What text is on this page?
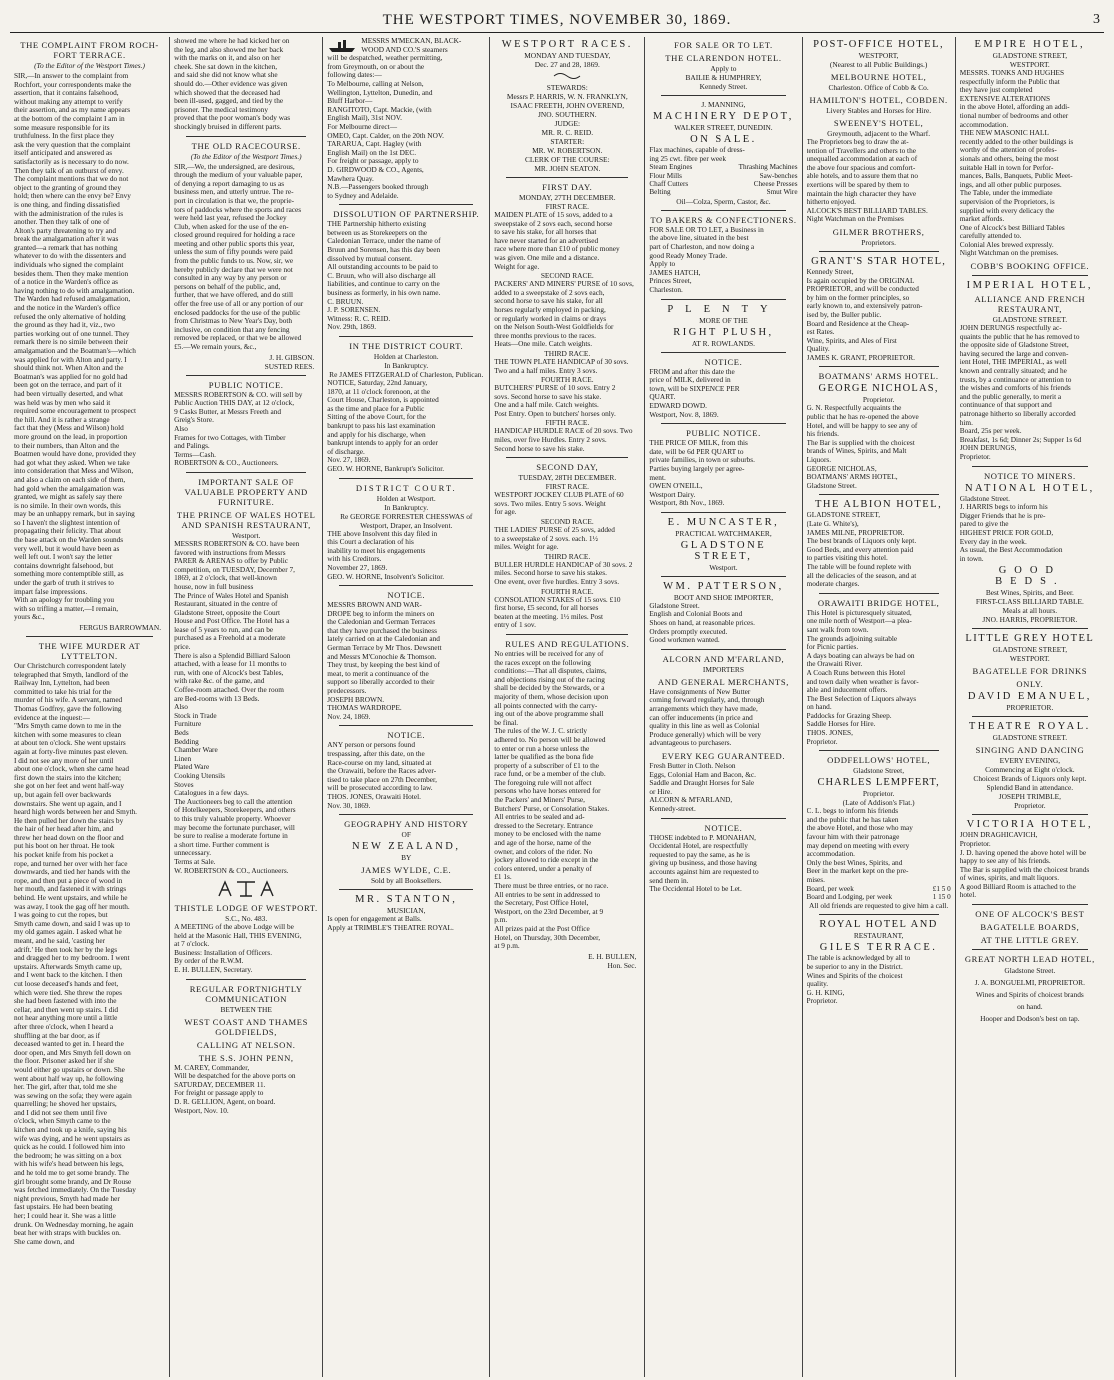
THE WESTPORT TIMES, NOVEMBER 30, 1869.	3
THE COMPLAINT FROM ROCH- FORT TERRACE.
(To the Editor of the Westport Times.)
SIR,—In answer to the complaint from
Rochfort, your correspondents make the
assertion, that it contains falsehood,
without making any attempt to verify
their assertion, and as my name appears
at the bottom of the complaint I am in
some measure responsible for its
truthfulness. In the first place they
ask the very question that the complaint
itself anticipated and answered as
satisfactorily as is necessary to do now.
Then they talk of an outburst of envy.
The complaint mentions that we do not
object to the granting of ground they
hold; then where can the envy be? Envy
is one thing, and finding dissatisfied
with the administration of the rules is
another. Then they talk of one of
Alton's party threatening to try and
break the amalgamation after it was
granted—a remark that has nothing
whatever to do with the dissenters and
individuals who signed the complaint
besides them. Then they make mention
of a notice in the Warden's office as
having nothing to do with amalgamation.
The Warden had refused amalgamation,
and the notice in the Warden's office
refused the only alternative of holding
the ground as they had it, viz., two
parties working out of one tunnel. They
remark there is no simile between their
amalgamation and the Boatman's—which
was applied for with Alton and party. I
should think not. When Alton and the
Boatman's was applied for no gold had
been got on the terrace, and part of it
had been virtually deserted, and what
was held was by men who said it
required some encouragement to prospect
the hill. And it is rather a strange
fact that they (Mess and Wilson) hold
more ground on the lead, in proportion
to their numbers, than Alton and the
Boatmen would have done, provided they
had got what they asked. When we take
into consideration that Mess and Wilson,
and also a claim on each side of them,
had gold when the amalgamation was
granted, we might as safely say there
is no simile. In their own words, this
may be an unhappy remark, but in saying
so I haven't the slightest intention of
propagating their felicity. That about
the base attack on the Warden sounds
very well, but it would have been as
well left out. I won't say the letter
contains downright falsehood, but
something more contemptible still, as
under the garb of truth it strives to
impart false impressions.
With an apology for troubling you
with so trifling a matter,—I remain,
yours &c.,
FERGUS BARROWMAN.
THE WIFE MURDER AT LYTTELTON.
Our Christchurch correspondent lately
telegraphed that Smyth, landlord of the
Railway Inn, Lyttelton, had been
committed to take his trial for the
murder of his wife. A servant, named
Thomas Godfrey, gave the following
evidence at the inquest:—
"Mrs Smyth came down to me in the
kitchen with some measures to clean
at about ten o'clock. She went upstairs
again at forty-five minutes past eleven.
I did not see any more of her until
about one o'clock, when she came head
first down the stairs into the kitchen;
she got on her feet and went half-way
up, but again fell over backwards
downstairs. She went up again, and I
heard high words between her and Smyth.
He then pulled her down the stairs by
the hair of her head after him, and
threw her head down on the floor and
put his boot on her throat. He took
his pocket knife from his pocket a
rope, and turned her over with her face
downwards, and tied her hands with the
rope, and then put a piece of wood in
her mouth, and fastened it with strings
behind. He went upstairs, and while he
was away, I took the gag off her mouth.
I was going to cut the ropes, but
Smyth came down, and said I was up to
my old games again. I asked what he
meant, and he said, 'casting her
adrift.' He then took her by the legs
and dragged her to my bedroom. I went
upstairs. Afterwards Smyth came up,
and I went back to the kitchen. I then
cut loose deceased's hands and feet,
which were tied. She threw the ropes
she had been fastened with into the
cellar, and then went up stairs. I did
not hear anything more until a little
after three o'clock, when I heard a
shuffling at the bar door, as if
deceased wanted to get in. I heard the
door open, and Mrs Smyth fell down on
the floor. Prisoner asked her if she
would either go upstairs or down. She
went about half way up, he following
her. The girl, after that, told me she
was sewing on the sofa; they were again
quarrelling; he shoved her upstairs,
and I did not see them until five
o'clock, when Smyth came to the
kitchen and took up a knife, saying his
wife was dying, and he went upstairs as
quick as he could. I followed him into
the bedroom; he was sitting on a box
with his wife's head between his legs,
and he told me to get some brandy. The
girl brought some brandy, and Dr Rouse
was fetched immediately. On the Tuesday
night previous, Smyth had made her
fast upstairs. He had been beating
her; I could hear it. She was a little
drunk. On Wednesday morning, he again
beat her with straps with buckles on.
She came down, and
showed me where he had kicked her on
the leg, and also showed me her back
with the marks on it, and also on her
cheek. She sat down in the kitchen,
and said she did not know what she
should do.—Other evidence was given
which showed that the deceased had
been ill-used, gagged, and tied by the
prisoner. The medical testimony
proved that the poor woman's body was
shockingly bruised in different parts.
THE OLD RACECOURSE.
(To the Editor of the Westport Times.)
SIR,—We, the undersigned, are desirous,
through the medium of your valuable paper,
of denying a report damaging to us as
business men, and utterly untrue. The re-
port in circulation is that we, the proprie-
tors of paddocks where the sports and races
were held last year, refused the Jockey
Club, when asked for the use of the en-
closed ground required for holding a race
meeting and other public sports this year,
unless the sum of fifty pounds were paid
from the public funds to us. Now, sir, we
hereby publicly declare that we were not
consulted in any way by any person or
persons on behalf of the public, and,
further, that we have offered, and do still
offer the free use of all or any portion of our
enclosed paddocks for the use of the public
from Christmas to New Year's Day, both
inclusive, on condition that any fencing
removed be replaced, or that we be allowed
£5.—We remain yours, &c.,
J. H. GIBSON.
SUSTED REES.
PUBLIC NOTICE.
MESSRS ROBERTSON & CO. will sell by
Public Auction THIS DAY, at 12 o'clock,
9 Casks Butter, at Messrs Freeth and
Greig's Store.
Also
Frames for two Cottages, with Timber
and Palings.
Terms—Cash.
ROBERTSON & CO., Auctioneers.
IMPORTANT SALE OF VALUABLE PROPERTY AND FURNITURE.
THE PRINCE OF WALES HOTEL AND SPANISH RESTAURANT,
Westport.
MESSRS ROBERTSON & CO. have been
favored with instructions from Messrs
PARER & ARENAS to offer by Public
competition, on TUESDAY, December 7,
1869, at 2 o'clock, that well-known
house, now in full business
The Prince of Wales Hotel and Spanish
Restaurant, situated in the centre of
Gladstone Street, opposite the Court
House and Post Office. The Hotel has a
lease of 5 years to run, and can be
purchased as a Freehold at a moderate
price.
There is also a Splendid Billiard Saloon
attached, with a lease for 11 months to
run, with one of Alcock's best Tables,
with rake &c. of the game, and
Coffee-room attached. Over the room
are Bed-rooms with 13 Beds.
Also
Stock in Trade
Furniture
Beds
Bedding
Chamber Ware
Linen
Plated Ware
Cooking Utensils
Stoves
Catalogues in a few days.
The Auctioneers beg to call the attention
of Hotelkeepers, Storekeepers, and others
to this truly valuable property. Whoever
may become the fortunate purchaser, will
be sure to realise a moderate fortune in
a short time. Further comment is
unnecessary.
Terms at Sale.
W. ROBERTSON & CO., Auctioneers.
THISTLE LODGE OF WESTPORT.
S.C., No. 483.
A MEETING of the above Lodge will be
held at the Masonic Hall, THIS EVENING,
at 7 o'clock.
Business: Installation of Officers.
By order of the R.W.M.
E. H. BULLEN, Secretary.
REGULAR FORTNIGHTLY COMMUNICATION
BETWEEN THE
WEST COAST AND THAMES GOLDFIELDS,
CALLING AT NELSON.
THE S.S. JOHN PENN,
M. CAREY, Commander,
Will be despatched for the above ports on
SATURDAY, DECEMBER 11.
For freight or passage apply to
D. R. GELLION, Agent, on board.
Westport, Nov. 10.
MESSRS M'MECKAN, BLACK-
WOOD AND CO.'S steamers
will be despatched, weather permitting,
from Greymouth, on or about the
following dates:—
To Melbourne, calling at Nelson,
Wellington, Lyttelton, Dunedin, and
Bluff Harbor—
RANGITOTO, Capt. Mackie, (with
English Mail), 31st NOV.
For Melbourne direct—
OMEO, Capt. Calder, on the 20th NOV.
TARARUA, Capt. Hagley (with
English Mail) on the 1st DEC.
For freight or passage, apply to
D. GIRDWOOD & CO., Agents,
Mawhera Quay.
N.B.—Passengers booked through
to Sydney and Adelaide.
DISSOLUTION OF PARTNERSHIP.
THE Partnership hitherto existing
between us as Storekeepers on the
Caledonian Terrace, under the name of
Bruun and Sorensen, has this day been
dissolved by mutual consent.
All outstanding accounts to be paid to
C. Bruun, who will also discharge all
liabilities, and continue to carry on the
business as formerly, in his own name.
C. BRUUN.
J. P. SORENSEN.
Witness: R. C. REID.
Nov. 29th, 1869.
IN THE DISTRICT COURT.
Holden at Charleston.
In Bankruptcy.
Re JAMES FITZGERALD of Charleston, Publican.
NOTICE, Saturday, 22nd January,
1870, at 11 o'clock forenoon, at the
Court House, Charleston, is appointed
as the time and place for a Public
Sitting of the above Court, for the
bankrupt to pass his last examination
and apply for his discharge, when
bankrupt intends to apply for an order
of discharge.
Nov. 27, 1869.
GEO. W. HORNE, Bankrupt's Solicitor.
DISTRICT COURT.
Holden at Westport.
In Bankruptcy.
Re GEORGE FORRESTER CHESSWAS of Westport, Draper, an Insolvent.
THE above Insolvent this day filed in
this Court a declaration of his
inability to meet his engagements
with his Creditors.
November 27, 1869.
GEO. W. HORNE, Insolvent's Solicitor.
NOTICE.
MESSRS BROWN AND WAR-
DROPE beg to inform the miners on
the Caledonian and German Terraces
that they have purchased the business
lately carried on at the Caledonian and
German Terrace by Mr Thos. Dewsnett
and Messrs M'Conochie & Thomson.
They trust, by keeping the best kind of
meat, to merit a continuance of the
support so liberally accorded to their
predecessors.
JOSEPH BROWN.
THOMAS WARDROPE.
Nov. 24, 1869.
NOTICE.
ANY person or persons found
trespassing, after this date, on the
Race-course on my land, situated at
the Orawaiti, before the Races adver-
tised to take place on 27th December,
will be prosecuted according to law.
THOS. JONES, Orawaiti Hotel.
Nov. 30, 1869.
GEOGRAPHY AND HISTORY
OF
NEW ZEALAND,
BY
JAMES WYLDE, C.E.
Sold by all Booksellers.
MR. STANTON,
MUSICIAN,
Is open for engagement at Balls.
Apply at TRIMBLE'S THEATRE ROYAL.
WESTPORT RACES.
MONDAY AND TUESDAY,
Dec. 27 and 28, 1869.
STEWARDS:
Messrs P. HARRIS, W. N. FRANKLYN,
ISAAC FREETH, JOHN OVEREND,
JNO. SOUTHERN.
JUDGE:
MR. R. C. REID.
STARTER:
MR. W. ROBERTSON.
CLERK OF THE COURSE:
MR. JOHN SEATON.
FIRST DAY.
MONDAY, 27TH DECEMBER.
FIRST RACE.
MAIDEN PLATE of 15 sovs, added to a
sweepstake of 2 sovs each, second horse
to save his stake, for all horses that
have never started for an advertised
race where more than £10 of public money
was given. One mile and a distance.
Weight for age.
SECOND RACE.
PACKERS' AND MINERS' PURSE of 10 sovs,
added to a sweepstake of 2 sovs each,
second horse to save his stake, for all
horses regularly employed in packing,
or regularly worked in claims or drays
on the Nelson South-West Goldfields for
three months previous to the races.
Heats—One mile. Catch weights.
THIRD RACE.
THE TOWN PLATE HANDICAP of 30 sovs.
Two and a half miles. Entry 3 sovs.
FOURTH RACE.
BUTCHERS' PURSE of 10 sovs. Entry 2
sovs. Second horse to save his stake.
One and a half mile. Catch weights.
Post Entry. Open to butchers' horses only.
FIFTH RACE.
HANDICAP HURDLE RACE of 20 sovs. Two
miles, over five Hurdles. Entry 2 sovs.
Second horse to save his stake.
SECOND DAY,
TUESDAY, 28TH DECEMBER.
FIRST RACE.
WESTPORT JOCKEY CLUB PLATE of 60
sovs. Two miles. Entry 5 sovs. Weight
for age.
SECOND RACE.
THE LADIES' PURSE of 25 sovs, added
to a sweepstake of 2 sovs. each. 1½
miles. Weight for age.
THIRD RACE.
BULLER HURDLE HANDICAP of 30 sovs. 2
miles. Second horse to save his stakes.
One event, over five hurdles. Entry 3 sovs.
FOURTH RACE.
CONSOLATION STAKES of 15 sovs. £10
first horse, £5 second, for all horses
beaten at the meeting. 1½ miles. Post
entry of 1 sov.
RULES AND REGULATIONS.
No entries will be received for any of
the races except on the following
conditions:—That all disputes, claims,
and objections rising out of the racing
shall be decided by the Stewards, or a
majority of them, whose decision upon
all points connected with the carry-
ing out of the above programme shall
be final.
The rules of the W. J. C. strictly
adhered to. No person will be allowed
to enter or run a horse unless the
latter be qualified as the bona fide
property of a subscriber of £1 to the
race fund, or be a member of the club.
The foregoing rule will not affect
persons who have horses entered for
the Packers' and Miners' Purse,
Butchers' Purse, or Consolation Stakes.
All entries to be sealed and ad-
dressed to the Secretary. Entrance
money to be enclosed with the name
and age of the horse, name of the
owner, and colors of the rider. No
jockey allowed to ride except in the
colors entered, under a penalty of
£1 1s.
There must be three entries, or no race.
All entries to be sent in addressed to
the Secretary, Post Office Hotel,
Westport, on the 23rd December, at 9
p.m.
All prizes paid at the Post Office
Hotel, on Thursday, 30th December,
at 9 p.m.
E. H. BULLEN,
Hon. Sec.
FOR SALE OR TO LET.
THE CLARENDON HOTEL.
Apply to
BAILIE & HUMPHREY,
Kennedy Street.
J. MANNING,
MACHINERY DEPOT,
WALKER STREET, DUNEDIN.
ON SALE.
Flax machines, capable of dress-
ing 25 cwt. fibre per week
Steam Engines	Thrashing Machines
Flour Mills	Saw-benches
Chaff Cutters	Cheese Presses
Belting	Smut Wire
Oil—Colza, Sperm, Castor, &c.
TO BAKERS & CONFECTIONERS.
FOR SALE OR TO LET, a Business in
the above line, situated in the best
part of Charleston, and now doing a
good Ready Money Trade.
Apply to
JAMES HATCH,
Princes Street,
Charleston.
PLENTY
MORE OF THE
RIGHT PLUSH,
AT R. ROWLANDS.
NOTICE.
FROM and after this date the
price of MILK, delivered in
town, will be SIXPENCE PER
QUART.
EDWARD DOWD.
Westport, Nov. 8, 1869.
PUBLIC NOTICE.
THE PRICE OF MILK, from this
date, will be 6d PER QUART to
private families, in town or suburbs.
Parties buying largely per agree-
ment.
OWEN O'NEILL,
Westport Dairy.
Westport, 8th Nov., 1869.
E. MUNCASTER,
PRACTICAL WATCHMAKER,
GLADSTONE STREET,
Westport.
WM. PATTERSON,
BOOT AND SHOE IMPORTER,
Gladstone Street.
English and Colonial Boots and
Shoes on hand, at reasonable prices.
Orders promptly executed.
Good workmen wanted.
ALCORN AND M'FARLAND,
IMPORTERS
AND GENERAL MERCHANTS,
Have consignments of New Butter
coming forward regularly, and, through
arrangements which they have made,
can offer inducements (in price and
quality in this line as well as Colonial
Produce generally) which will be very
advantageous to purchasers.
EVERY KEG GUARANTEED.
Fresh Butter in Cloth. Nelson
Eggs, Colonial Ham and Bacon, &c.
Saddle and Draught Horses for Sale
or Hire.
ALCORN & M'FARLAND,
Kennedy-street.
NOTICE.
THOSE indebted to P. MONAHAN,
Occidental Hotel, are respectfully
requested to pay the same, as he is
giving up business, and those having
accounts against him are requested to
send them in.
The Occidental Hotel to be Let.
POST-OFFICE HOTEL,
WESTPORT,
(Nearest to all Public Buildings.)
MELBOURNE HOTEL,
Charleston. Office of Cobb & Co.
HAMILTON'S HOTEL, COBDEN.
Livery Stables and Horses for Hire.
SWEENEY'S HOTEL,
Greymouth, adjacent to the Wharf.
The Proprietors beg to draw the at-
tention of Travellers and others to the
unequalled accommodation at each of
the above four spacious and comfort-
able hotels, and to assure them that no
exertions will be spared by them to
maintain the high character they have
hitherto enjoyed.
ALCOCK'S BEST BILLIARD TABLES.
Night Watchman on the Premises
GILMER BROTHERS,
Proprietors.
GRANT'S STAR HOTEL,
Kennedy Street,
Is again occupied by the ORIGINAL
PROPRIETOR, and will be conducted
by him on the former principles, so
early known to, and extensively patron-
ised by, the Buller public.
Board and Residence at the Cheap-
est Rates.
Wine, Spirits, and Ales of First
Quality.
JAMES K. GRANT, PROPRIETOR.
BOATMANS' ARMS HOTEL.
GEORGE NICHOLAS,
Proprietor.
G. N. Respectfully acquaints the
public that he has re-opened the above
Hotel, and will be happy to see any of
his friends.
The Bar is supplied with the choicest
brands of Wines, Spirits, and Malt
Liquors.
GEORGE NICHOLAS,
BOATMANS' ARMS HOTEL,
Gladstone Street.
THE ALBION HOTEL,
GLADSTONE STREET,
(Late G. White's),
JAMES MILNE, PROPRIETOR.
The best brands of Liquors only kept.
Good Beds, and every attention paid
to parties visiting this hotel.
The table will be found replete with
all the delicacies of the season, and at
moderate charges.
ORAWAITI BRIDGE HOTEL,
This Hotel is picturesquely situated,
one mile north of Westport—a plea-
sant walk from town.
The grounds adjoining suitable
for Picnic parties.
A days boating can always be had on
the Orawaiti River.
A Coach Runs between this Hotel
and town daily when weather is favor-
able and inducement offers.
The Best Selection of Liquors always
on hand.
Paddocks for Grazing Sheep.
Saddle Horses for Hire.
THOS. JONES,
Proprietor.
ODDFELLOWS' HOTEL,
Gladstone Street,
CHARLES LEMPFERT,
Proprietor.
(Late of Addison's Flat.)
C. L. begs to inform his friends
and the public that he has taken
the above Hotel, and those who may
favour him with their patronage
may depend on meeting with every
accommodation.
Only the best Wines, Spirits, and
Beer in the market kept on the pre-
mises.
Board, per week	£1 5 0
Board and Lodging, per week	1 15 0
All old friends are requested to give him a call.
ROYAL HOTEL AND
RESTAURANT,
GILES TERRACE.
The table is acknowledged by all to
be superior to any in the District.
Wines and Spirits of the choicest
quality.
G. H. KING,
Proprietor.
EMPIRE HOTEL,
GLADSTONE STREET,
WESTPORT.
MESSRS. TONKS AND HUGHES
respectfully inform the Public that
they have just completed
EXTENSIVE ALTERATIONS
in the above Hotel, affording an addi-
tional number of bedrooms and other
accommodation.
THE NEW MASONIC HALL
recently added to the other buildings is
worthy of the attention of profes-
sionals and others, being the most
suitable Hall in town for Perfor-
mances, Balls, Banquets, Public Meet-
ings, and all other public purposes.
The Table, under the immediate
supervision of the Proprietors, is
supplied with every delicacy the
market affords.
One of Alcock's best Billiard Tables
carefully attended to.
Colonial Ales brewed expressly.
Night Watchman on the premises.
COBB'S BOOKING OFFICE.
IMPERIAL HOTEL,
ALLIANCE AND FRENCH RESTAURANT,
GLADSTONE STREET.
JOHN DERUNGS respectfully ac-
quaints the public that he has removed to
the opposite side of Gladstone Street,
having secured the large and conven-
ient Hotel, THE IMPERIAL, as well
known and centrally situated; and he
trusts, by a continuance or attention to
the wishes and comforts of his friends
and the public generally, to merit a
continuance of that support and
patronage hitherto so liberally accorded
him.
Board, 25s per week.
Breakfast, 1s 6d; Dinner 2s; Supper 1s 6d
JOHN DERUNGS,
Proprietor.
NOTICE TO MINERS.
NATIONAL HOTEL,
Gladstone Street.
J. HARRIS begs to inform his
Digger Friends that he is pre-
pared to give the
HIGHEST PRICE FOR GOLD,
Every day in the week.
As usual, the Best Accommodation
in town.
GOOD BEDS.
Best Wines, Spirits, and Beer.
FIRST-CLASS BILLIARD TABLE.
Meals at all hours.
JNO. HARRIS, PROPRIETOR.
LITTLE GREY HOTEL
GLADSTONE STREET,
WESTPORT.
BAGATELLE FOR DRINKS
ONLY.
DAVID EMANUEL,
PROPRIETOR.
THEATRE ROYAL.
GLADSTONE STREET.
SINGING AND DANCING
EVERY EVENING,
Commencing at Eight o'clock.
Choicest Brands of Liquors only kept.
Splendid Band in attendance.
JOSEPH TRIMBLE,
Proprietor.
VICTORIA HOTEL,
JOHN DRAGHICAVICH,
Proprietor.
J. D. having opened the above hotel will be
happy to see any of his friends.
The Bar is supplied with the choicest brands
of wines, spirits, and malt liquors.
A good Billiard Room is attached to the
hotel.
ONE OF ALCOCK'S BEST
BAGATELLE BOARDS,
AT THE LITTLE GREY.
GREAT NORTH LEAD HOTEL,
Gladstone Street.
J. A. BONGUELMI, PROPRIETOR.
Wines and Spirits of choicest brands
on hand.
Hooper and Dodson's best on tap.
